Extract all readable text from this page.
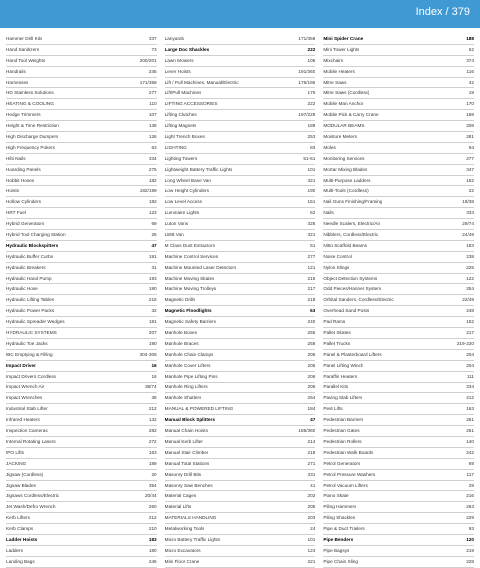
Index / 379
Hammer Drill Kits	337
Hand Sanitizers	73
Hand Tool Weights	200/201
Handrails	245
Harnesses	171/358
HD Stainless Solutions	277
HEATING & COOLING	110
Hedge Trimmers	107
Height & Time Restriction	138
High Discharge Dumpers	126
High Frequency Pokers	63
Hilti Nails	334
Hoarding Panels	275
Hobbit Hoses	182
Hoists	182/199
Hollow Cylinders	192
HRT Fuel	123
Hybrid Generators	69
Hybrid Tool Charging Station	25
Hydraulic Blockspitters	47
Hydraulic Buffer Curbs	191
Hydraulic Breakers	31
Hydraulic Hand Pump	193
Hydraulic Hose	190
Hydraulic Lifting Tables	218
Hydraulic Power Packs	32
Hydraulic Spreader Wedges	191
HYDRAULIC SYSTEMS	207
Hydraulic Toe Jacks	190
IBC Emptying & Filling	304-306
Impact Driver	16
Impact Drivers Cordless	16
Impact Wrench Air	38/74
Impact Wrenches	38
Industrial Stab Lifter	212
Infrared Heaters	132
Inspection Cameras	282
Internal Rotating Lasers	272
IPO Lifts	163
JACKING	189
Jigsaw (Cordless)	20
Jigsaw Blades	354
Jigsaws Cordless/Electric	20/44
Jet Wash/Defro Wrench	260
Kerb Lifters	212
Kerb Clamps	210
Ladder Hoists	183
Ladders	180
Landing Bags	246
Lanyards	171/358
Large Doc Shackles	222
Lawn Mowers	106
Lever Hoists	191/360
Lift / Pull Machines, Manual/Electric	176/196
Lift/Pull Machines	176
LIFTING ACCESSORIES	222
Lifting Clutches	197/229
Lifting Magnets	189
Light Trench Boxes	253
LIGHTING	83
Lighting Towers	51-61
Lightweight Battery Traffic Lights	101
Long Wheel Base Van	321
Low Height Cylinders	190
Low Level Access	151
Luminaire Lights	62
Luton Vans	326
LWB Van	321
M Class Dust Extractors	51
Machine Control Services	277
Machine Mounted Laser Detectors	121
Machine Moving Skates	216
Machine Moving Trolleys	217
Magnetic Drills	218
Magnetic Floodlights	63
Magnetic Safety Barriers	240
Manhole Boxes	255
Manhole Braces	258
Manhole Chain Clamps	206
Manhole Cover Lifters	206
Manhole Pipe Lifting Pins	206
Manhole Ring Lifters	206
Manhole Shutters	264
MANUAL & POWERED LIFTING	184
Manual Block Splitters	47
Manual Chain Hoists	185/360
Manual Kerb Lifter	214
Manual Stair Climber	218
Manual Total Stations	271
Masonry Drill Bits	331
Masonry Saw Benches	41
Material Cages	202
Material Lifts	205
MATERIALS HANDLING	203
Metalworking Tools	24
Micro Battery Traffic Lights	101
Micro Excavators	124
Mini Floor Crane	221
Mini Spider Crane	188
Mini Tower Lights	62
Mixchairs	374
Mobile Heaters	116
Mitre Saws	42
Mitre Saws (Cordless)	19
Mobile Man Anchor	170
Mobile Pick & Carry Crane	188
MODULAR BEAMS	208
Moisture Meters	281
Moles	94
Monitoring Services	277
Mortar Mixing Blades	347
Multi-Purpose Ladders	162
Multi-Tools (Cordless)	22
Nail Guns Finishing/Framing	18/38
Nails	333
Needle Scalers, Electric/Air	29/74
Nibblers, Cordless/Electric	24/49
Nitto Scaffold Beams	183
Noise Control	238
Nylon Slings	225
Object Detection Systems	122
Odd Pieces/Hanner System	254
Orbital Sanders, Cordless/Electric	22/49
Overhead Sand Posts	248
Pad Rams	152
Pallet Skates	217
Pallet Trucks	219-220
Panel & Plasterboard Lifters	204
Panel Lifting Winch	204
Paraffin Heaters	111
Parallel Kits	334
Paving Slab Lifters	212
Pest Lifts	163
Pedestrian Barriers	251
Pedestrian Gates	251
Pedestrian Rollers	140
Pedestrian Walk Boards	242
Petrol Generators	69
Petrol Pressure Washers	117
Petrol Vacuum Lifters	29
Piano Skate	216
Piling Hammers	263
Piling Shackles	229
Pipe & Duct Trailers	93
Pipe Benders	120
Pipe Bagsys	219
Pipe Chain Sling	228
